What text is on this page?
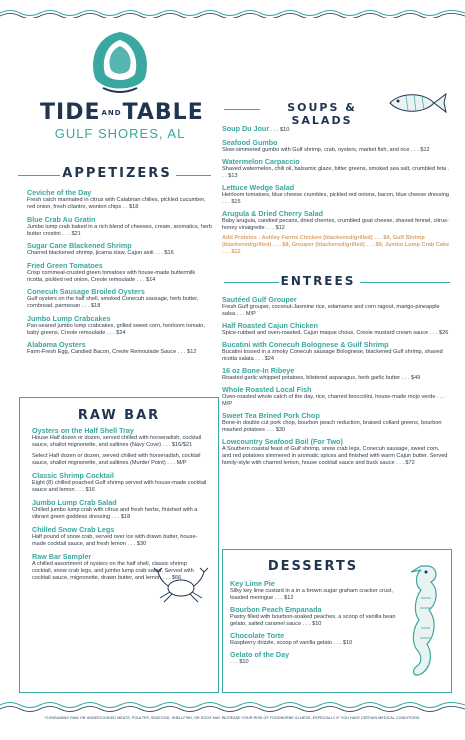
TIDEANDTABLE
GULF SHORES, AL
APPETIZERS
Ceviche of the Day
Fresh catch marinated in citrus with Calabrian chilies, pickled cucumber, red onion, fresh cilantro, wonton chips . . $18
Blue Crab Au Gratin
Jumbo lump crab baked in a rich blend of cheeses, cream, aromatics, herb butter crostini . . . $21
Sugar Cane Blackened Shrimp
Charred blackened shrimp, jicama slaw, Cajun aioli . . . $16
Fried Green Tomatoes
Crisp cornmeal-crusted green tomatoes with house-made buttermilk ricotta, pickled red onion, Creole remoulade . . . $14
Conecuh Sausage Broiled Oysters
Gulf oysters on the half shell, smoked Conecuh sausage, herb butter, cornbread, parmesan . . . $18
Jumbo Lump Crabcakes
Pan-seared jumbo lump crabcakes, grilled sweet corn, heirloom tomato, baby greens, Creole remoulade . . . $24
Alabama Oysters
Farm-Fresh Egg, Candied Bacon, Creole Remoulade Sauce . . . $12
SOUPS & SALADS
Soup Du Jour . . . $10
Seafood Gumbo
Slow-simmered gumbo with Gulf shrimp, crab, oysters, market fish, and rice . . . $12
Watermelon Carpaccio
Shaved watermelon, chili oil, balsamic glaze, bitter greens, smoked sea salt, crumbled feta . . . $13
Lettuce Wedge Salad
Heirloom tomatoes, blue cheese crumbles, pickled red onions, bacon, blue cheese dressing . . . $15
Arugula & Dried Cherry Salad
Baby arugula, candied pecans, dried cherries, crumbled goat cheese, shaved fennel, citrus-honey vinaigrette . . . $12
Add Proteins - Ashley Farms Chicken (blackened/grilled) . . . $4, Gulf Shrimp (blackened/grilled) . . . $8, Grouper (blackened/grilled) . . . $9, Jumbo Lump Crab Cake . . . $12
ENTREES
Sautéed Gulf Grouper
Fresh Gulf grouper, coconut-Jasmine rice, edamame and corn ragout, mango-pineapple salsa . . . M/P
Half Roasted Cajun Chicken
Spice-rubbed and oven-roasted, Cajun maque choux, Creole mustard cream sauce . . . $26
Bucatini with Conecuh Bolognese & Gulf Shrimp
Bucatini tossed in a smoky Conecuh sausage Bolognese, blackened Gulf shrimp, shaved ricotta salata . . . $24
16 oz Bone-In Ribeye
Roasted garlic whipped potatoes, blistered asparagus, herb garlic butter . . . $49
Whole Roasted Local Fish
Oven-roasted whole catch of the day, rice, charred broccolini, house-made mojo verde . . . M/P
Sweet Tea Brined Pork Chop
Bone-in double cut pork chop, bourbon peach reduction, braised collard greens, bourbon mashed potatoes . . . $30
Lowcountry Seafood Boil (For Two)
A Southern coastal feast of Gulf shrimp, snow crab legs, Conecuh sausage, sweet corn, and red potatoes simmered in aromatic spices and finished with warm Cajun butter. Served family-style with charred lemon, house cocktail sauce and buck sauce . . . $72
RAW BAR
Oysters on the Half Shell Tray
House Half dozen or dozen, served chilled with horseradish, cocktail sauce, shallot mignonette, and saltines (Navy Cove) . . . $16/$21
Select Half dozen or dozen, served chilled with horseradish, cocktail sauce, shallot mignonette, and saltines (Murder Point) . . . M/P
Classic Shrimp Cocktail
Eight (8) chilled poached Gulf shrimp served with house-made cocktail sauce and lemon . . . $16
Jumbo Lump Crab Salad
Chilled jumbo lump crab with citrus and fresh herbs, finished with a vibrant green goddess dressing . . . $18
Chilled Snow Crab Legs
Half pound of snow crab, served over ice with drawn butter, house-made cocktail sauce, and fresh lemon . . . $30
Raw Bar Sampler
A chilled assortment of oysters on the half shell, classic shrimp cocktail, snow crab legs, and jumbo lump crab salad. Served with cocktail sauce, mignonette, drawn butter, and lemon . . . $66
DESSERTS
Key Lime Pie
Silky key lime custard in a in a brown sugar graham cracker crust, toasted meringue . . . $12
Bourbon Peach Empanada
Pastry filled with bourbon-soaked peaches, a scoop of vanilla bean gelato, salted caramel sauce . . . $10
Chocolate Torte
Raspberry drizzle, scoop of vanilla gelato . . . $10
Gelato of the Day
. . . $10
*CONSUMING RAW OR UNDERCOOKED MEATS, POULTRY, SEAFOOD, SHELLFISH, OR EGGS MAY INCREASE YOUR RISK OF FOODBORNE ILLNESS, ESPECIALLY IF YOU HAVE CERTAIN MEDICAL CONDITIONS.
